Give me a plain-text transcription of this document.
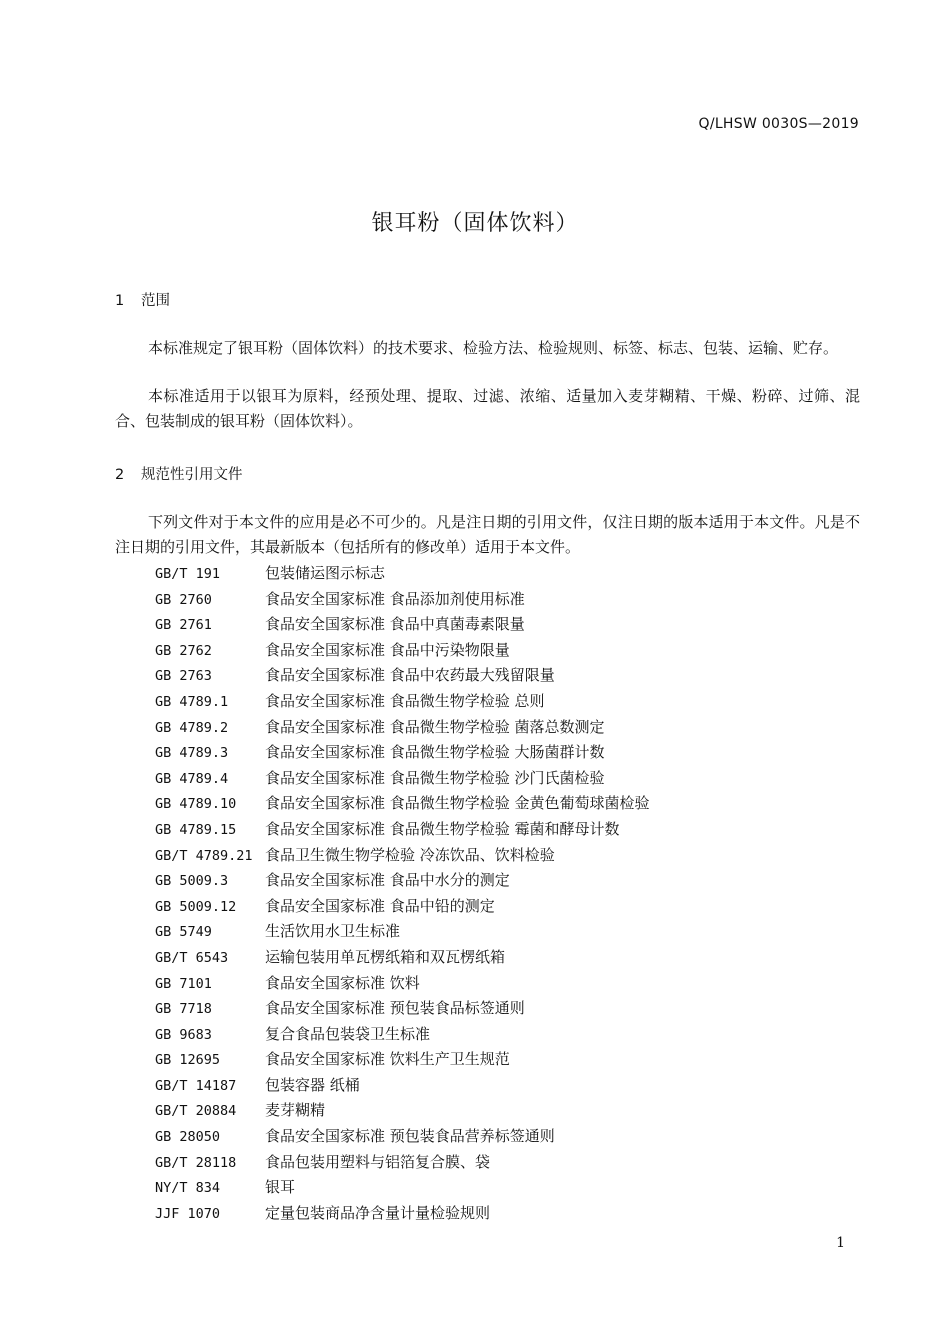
Q/LHSW 0030S—2019
银耳粉（固体饮料）
1 范围
本标准规定了银耳粉（固体饮料）的技术要求、检验方法、检验规则、标签、标志、包装、运输、贮存。
本标准适用于以银耳为原料，经预处理、提取、过滤、浓缩、适量加入麦芽糊精、干燥、粉碎、过筛、混合、包装制成的银耳粉（固体饮料）。
2 规范性引用文件
下列文件对于本文件的应用是必不可少的。凡是注日期的引用文件，仅注日期的版本适用于本文件。凡是不注日期的引用文件，其最新版本（包括所有的修改单）适用于本文件。
GB/T 191	包装储运图示标志
GB 2760	食品安全国家标准 食品添加剂使用标准
GB 2761	食品安全国家标准 食品中真菌毒素限量
GB 2762	食品安全国家标准 食品中污染物限量
GB 2763	食品安全国家标准 食品中农药最大残留限量
GB 4789.1 食品安全国家标准 食品微生物学检验 总则
GB 4789.2 食品安全国家标准 食品微生物学检验 菌落总数测定
GB 4789.3 食品安全国家标准 食品微生物学检验 大肠菌群计数
GB 4789.4 食品安全国家标准 食品微生物学检验 沙门氏菌检验
GB 4789.10 食品安全国家标准 食品微生物学检验 金黄色葡萄球菌检验
GB 4789.15 食品安全国家标准 食品微生物学检验 霉菌和酵母计数
GB/T 4789.21 食品卫生微生物学检验 冷冻饮品、饮料检验
GB 5009.3 食品安全国家标准 食品中水分的测定
GB 5009.12 食品安全国家标准 食品中铅的测定
GB 5749	生活饮用水卫生标准
GB/T 6543 运输包装用单瓦楞纸箱和双瓦楞纸箱
GB 7101	食品安全国家标准 饮料
GB 7718	食品安全国家标准 预包装食品标签通则
GB 9683	复合食品包装袋卫生标准
GB 12695	食品安全国家标准 饮料生产卫生规范
GB/T 14187 包装容器 纸桶
GB/T 20884 麦芽糊精
GB 28050	食品安全国家标准 预包装食品营养标签通则
GB/T 28118 食品包装用塑料与铝箔复合膜、袋
NY/T 834	银耳
JJF 1070	定量包装商品净含量计量检验规则
1
